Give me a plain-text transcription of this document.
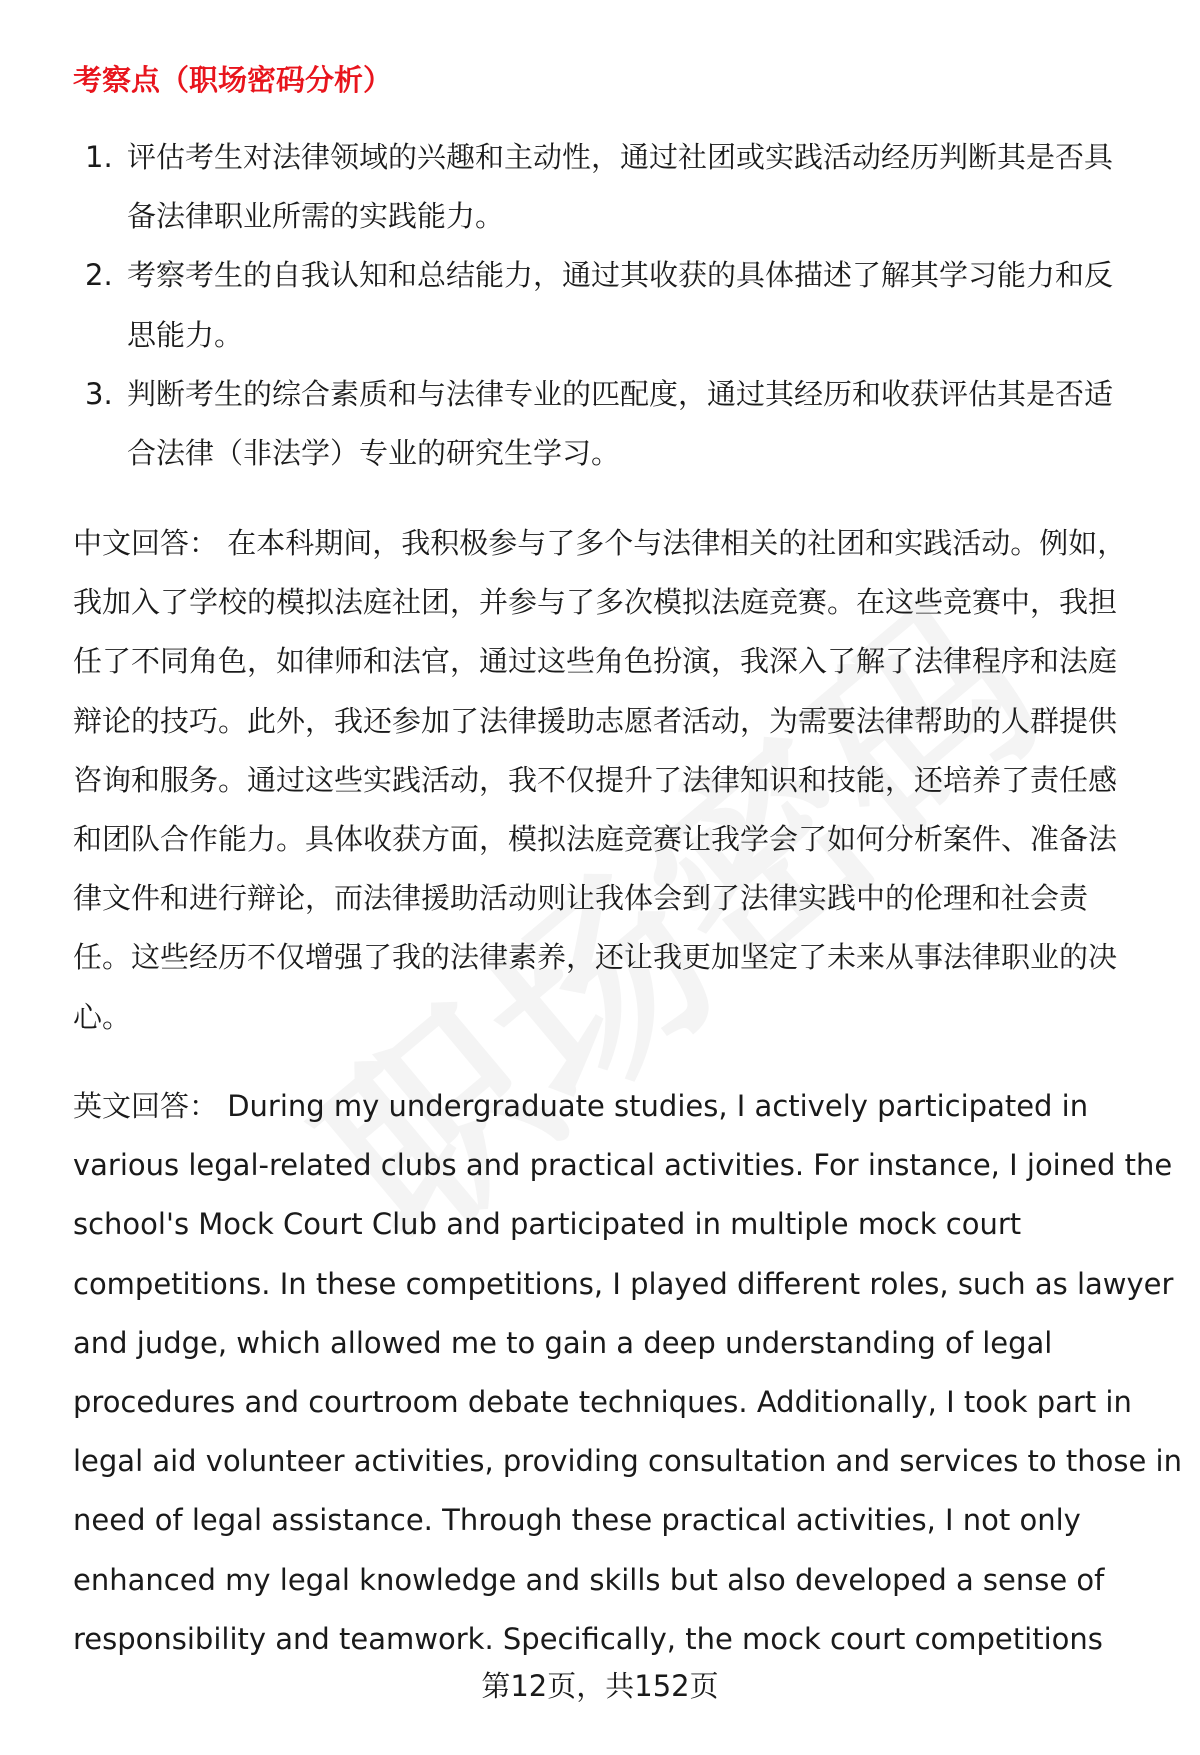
考察点（职场密码分析）
1. 评估考生对法律领域的兴趣和主动性，通过社团或实践活动经历判断其是否具
备法律职业所需的实践能力。
2. 考察考生的自我认知和总结能力，通过其收获的具体描述了解其学习能力和反
思能力。
3. 判断考生的综合素质和与法律专业的匹配度，通过其经历和收获评估其是否适
合法律（非法学）专业的研究生学习。
中文回答： 在本科期间，我积极参与了多个与法律相关的社团和实践活动。例如，
我加入了学校的模拟法庭社团，并参与了多次模拟法庭竞赛。在这些竞赛中，我担
任了不同角色，如律师和法官，通过这些角色扮演，我深入了解了法律程序和法庭
辩论的技巧。此外，我还参加了法律援助志愿者活动，为需要法律帮助的人群提供
咨询和服务。通过这些实践活动，我不仅提升了法律知识和技能，还培养了责任感
和团队合作能力。具体收获方面，模拟法庭竞赛让我学会了如何分析案件、准备法
律文件和进行辩论，而法律援助活动则让我体会到了法律实践中的伦理和社会责
任。这些经历不仅增强了我的法律素养，还让我更加坚定了未来从事法律职业的决
心。
英文回答： During my undergraduate studies, I actively participated in
various legal-related clubs and practical activities. For instance, I joined the
school's Mock Court Club and participated in multiple mock court
competitions. In these competitions, I played different roles, such as lawyer
and judge, which allowed me to gain a deep understanding of legal
procedures and courtroom debate techniques. Additionally, I took part in
legal aid volunteer activities, providing consultation and services to those in
need of legal assistance. Through these practical activities, I not only
enhanced my legal knowledge and skills but also developed a sense of
responsibility and teamwork. Specifically, the mock court competitions
第12页，共152页
